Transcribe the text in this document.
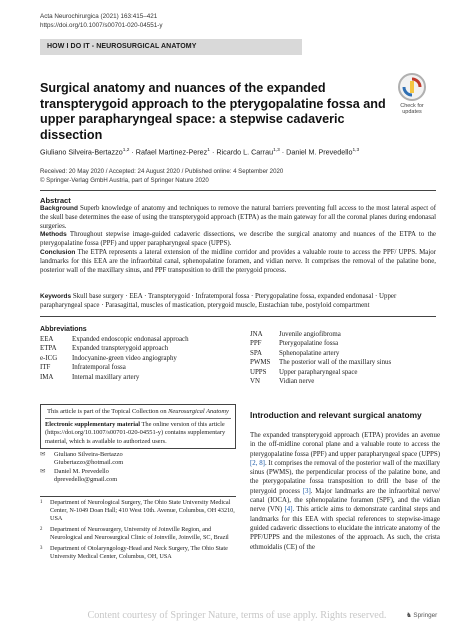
Acta Neurochirurgica (2021) 163:415–421
https://doi.org/10.1007/s00701-020-04551-y
HOW I DO IT - NEUROSURGICAL ANATOMY
Check for
updates
Surgical anatomy and nuances of the expanded transpterygoid approach to the pterygopalatine fossa and upper parapharyngeal space: a stepwise cadaveric dissection
Giuliano Silveira-Bertazzo$^{1,2}$ · Rafael Martinez-Perez$^1$ · Ricardo L. Carrau$^{1,3}$ · Daniel M. Prevedello$^{1,3}$
Received: 20 May 2020 / Accepted: 24 August 2020 / Published online: 4 September 2020
© Springer-Verlag GmbH Austria, part of Springer Nature 2020
Abstract

Background Superb knowledge of anatomy and techniques to remove the natural barriers preventing full access to the most lateral aspect of the skull base determines the ease of using the transpterygoid approach (ETPA) as the main gateway for all the coronal planes during endonasal surgeries.

Methods Throughout stepwise image-guided cadaveric dissections, we describe the surgical anatomy and nuances of the ETPA to the pterygopalatine fossa (PPF) and upper parapharyngeal space (UPPS).

Conclusion The ETPA represents a lateral extension of the midline corridor and provides a valuable route to access the PPF/ UPPS. Major landmarks for this EEA are the infraorbital canal, sphenopalatine foramen, and vidian nerve. It comprises the removal of the palatine bone, posterior wall of the maxillary sinus, and PPF transposition to drill the pterygoid process.

Keywords Skull base surgery · EEA · Transpterygoid · Infratemporal fossa · Pterygopalatine fossa, expanded endonasal · Upper parapharyngeal space · Parasagittal, muscles of mastication, pterygoid muscle, Eustachian tube, postyloid compartment
Abbreviations
EEA	Expanded endoscopic endonasal approach
ETPA	Expanded transpterygoid approach
e-ICG	Indocyanine-green video angiography
ITF	Infratemporal fossa
IMA	Internal maxillary artery
JNA	Juvenile angiofibroma
PPF	Pterygopalatine fossa
SPA	Sphenopalatine artery
PWMS	The posterior wall of the maxillary sinus
UPPS	Upper parapharyngeal space
VN	Vidian nerve
This article is part of the Topical Collection on Neurosurgical Anatomy
Electronic supplementary material The online version of this article (https://doi.org/10.1007/s00701-020-04551-y) contains supplementary material, which is available to authorized users.
✉	Giuliano Silveira-Bertazzo
Giubertazzo@hotmail.com
✉	Daniel M. Prevedello
dprevedello@gmail.com
1	Department of Neurological Surgery, The Ohio State University Medical Center, N-1049 Doan Hall; 410 West 10th. Avenue, Columbus, OH 43210, USA
2	Department of Neurosurgery, University of Joinville Region, and Neurological and Neurosurgical Clinic of Joinville, Joinville, SC, Brazil
3	Department of Otolaryngology-Head and Neck Surgery, The Ohio State University Medical Center, Columbus, OH, USA
Introduction and relevant surgical anatomy
The expanded transpterygoid approach (ETPA) provides an avenue in the off-midline coronal plane and a valuable route to access the pterygopalatine fossa (PPF) and upper parapharyngeal space (UPPS) [2, 8]. It comprises the removal of the posterior wall of the maxillary sinus (PWMS), the perpendicular process of the palatine bone, and the pterygopalatine fossa transposition to drill the base of the pterygoid process [3]. Major landmarks are the infraorbital nerve/ canal (IOCA), the sphenopalatine foramen (SPF), and the vidian nerve (VN) [4]. This article aims to demonstrate cardinal steps and landmarks for this EEA with special references to stepwise-image guided cadaveric dissections to elucidate the intricate anatomy of the PPF/UPPS and the milestones of the approach. As such, the crista ethmoidalis (CE) of the
♞ Springer
Content courtesy of Springer Nature, terms of use apply. Rights reserved.
